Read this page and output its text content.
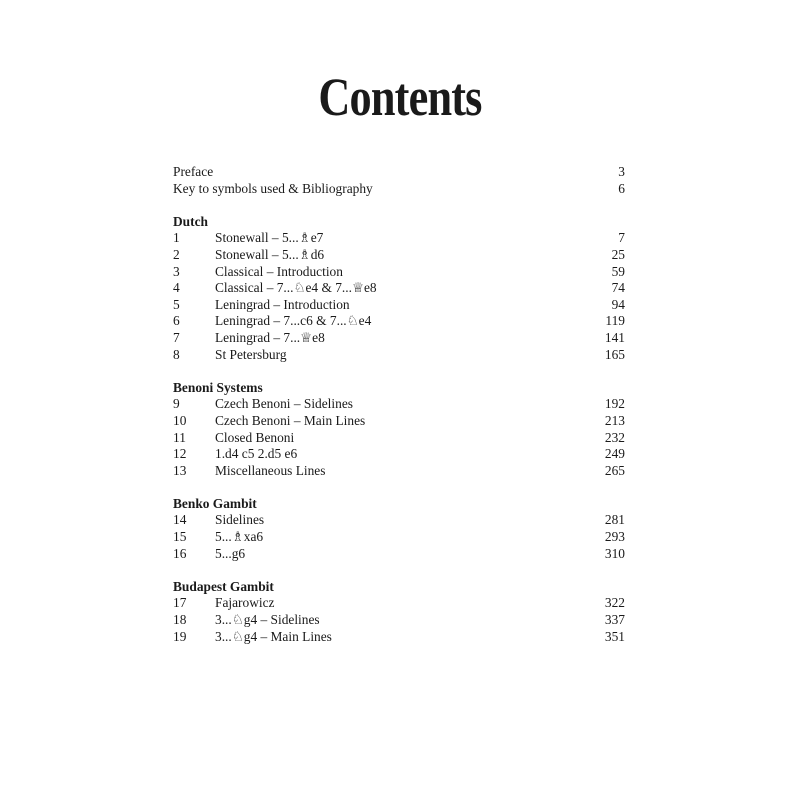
Contents
Preface	3
Key to symbols used & Bibliography	6
Dutch
1	Stonewall – 5...♗e7	7
2	Stonewall – 5...♗d6	25
3	Classical – Introduction	59
4	Classical – 7...♘e4 & 7...♕e8	74
5	Leningrad – Introduction	94
6	Leningrad – 7...c6 & 7...♘e4	119
7	Leningrad – 7...♕e8	141
8	St Petersburg	165
Benoni Systems
9	Czech Benoni – Sidelines	192
10 Czech Benoni – Main Lines	213
11 Closed Benoni	232
12 1.d4 c5 2.d5 e6	249
13 Miscellaneous Lines	265
Benko Gambit
14 Sidelines	281
15 5...♗xa6	293
16 5...g6	310
Budapest Gambit
17 Fajarowicz	322
18 3...♘g4 – Sidelines	337
19 3...♘g4 – Main Lines	351
